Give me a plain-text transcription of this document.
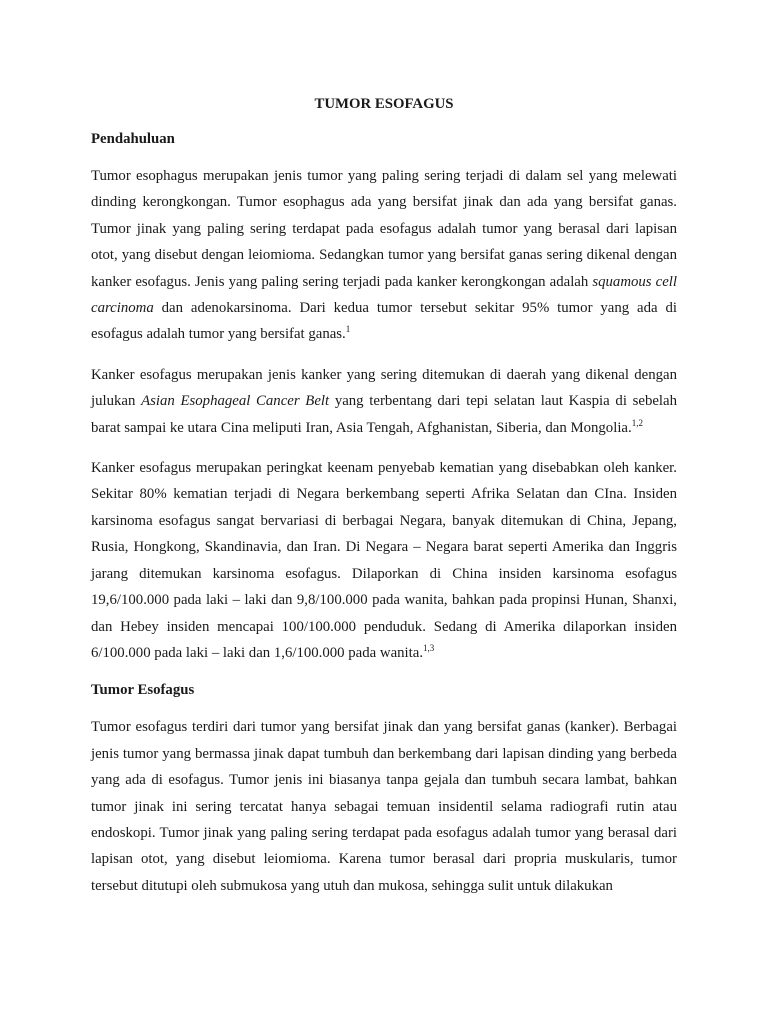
TUMOR ESOFAGUS
Pendahuluan

Tumor esophagus merupakan jenis tumor yang paling sering terjadi di dalam sel yang melewati dinding kerongkongan. Tumor esophagus ada yang bersifat jinak dan ada yang bersifat ganas. Tumor jinak yang paling sering terdapat pada esofagus adalah tumor yang berasal dari lapisan otot, yang disebut dengan leiomioma. Sedangkan tumor yang bersifat ganas sering dikenal dengan kanker esofagus. Jenis yang paling sering terjadi pada kanker kerongkongan adalah squamous cell carcinoma dan adenokarsinoma. Dari kedua tumor tersebut sekitar 95% tumor yang ada di esofagus adalah tumor yang bersifat ganas.$^1$

Kanker esofagus merupakan jenis kanker yang sering ditemukan di daerah yang dikenal dengan julukan Asian Esophageal Cancer Belt yang terbentang dari tepi selatan laut Kaspia di sebelah barat sampai ke utara Cina meliputi Iran, Asia Tengah, Afghanistan, Siberia, dan Mongolia.$^{1,2}$

Kanker esofagus merupakan peringkat keenam penyebab kematian yang disebabkan oleh kanker. Sekitar 80% kematian terjadi di Negara berkembang seperti Afrika Selatan dan CIna. Insiden karsinoma esofagus sangat bervariasi di berbagai Negara, banyak ditemukan di China, Jepang, Rusia, Hongkong, Skandinavia, dan Iran. Di Negara – Negara barat seperti Amerika dan Inggris jarang ditemukan karsinoma esofagus. Dilaporkan di China insiden karsinoma esofagus 19,6/100.000 pada laki – laki dan 9,8/100.000 pada wanita, bahkan pada propinsi Hunan, Shanxi, dan Hebey insiden mencapai 100/100.000 penduduk. Sedang di Amerika dilaporkan insiden 6/100.000 pada laki – laki dan 1,6/100.000 pada wanita.$^{1,3}$

Tumor Esofagus

Tumor esofagus terdiri dari tumor yang bersifat jinak dan yang bersifat ganas (kanker). Berbagai jenis tumor yang bermassa jinak dapat tumbuh dan berkembang dari lapisan dinding yang berbeda yang ada di esofagus. Tumor jenis ini biasanya tanpa gejala dan tumbuh secara lambat, bahkan tumor jinak ini sering tercatat hanya sebagai temuan insidentil selama radiografi rutin atau endoskopi. Tumor jinak yang paling sering terdapat pada esofagus adalah tumor yang berasal dari lapisan otot, yang disebut leiomioma. Karena tumor berasal dari propria muskularis, tumor tersebut ditutupi oleh submukosa yang utuh dan mukosa, sehingga sulit untuk dilakukan
